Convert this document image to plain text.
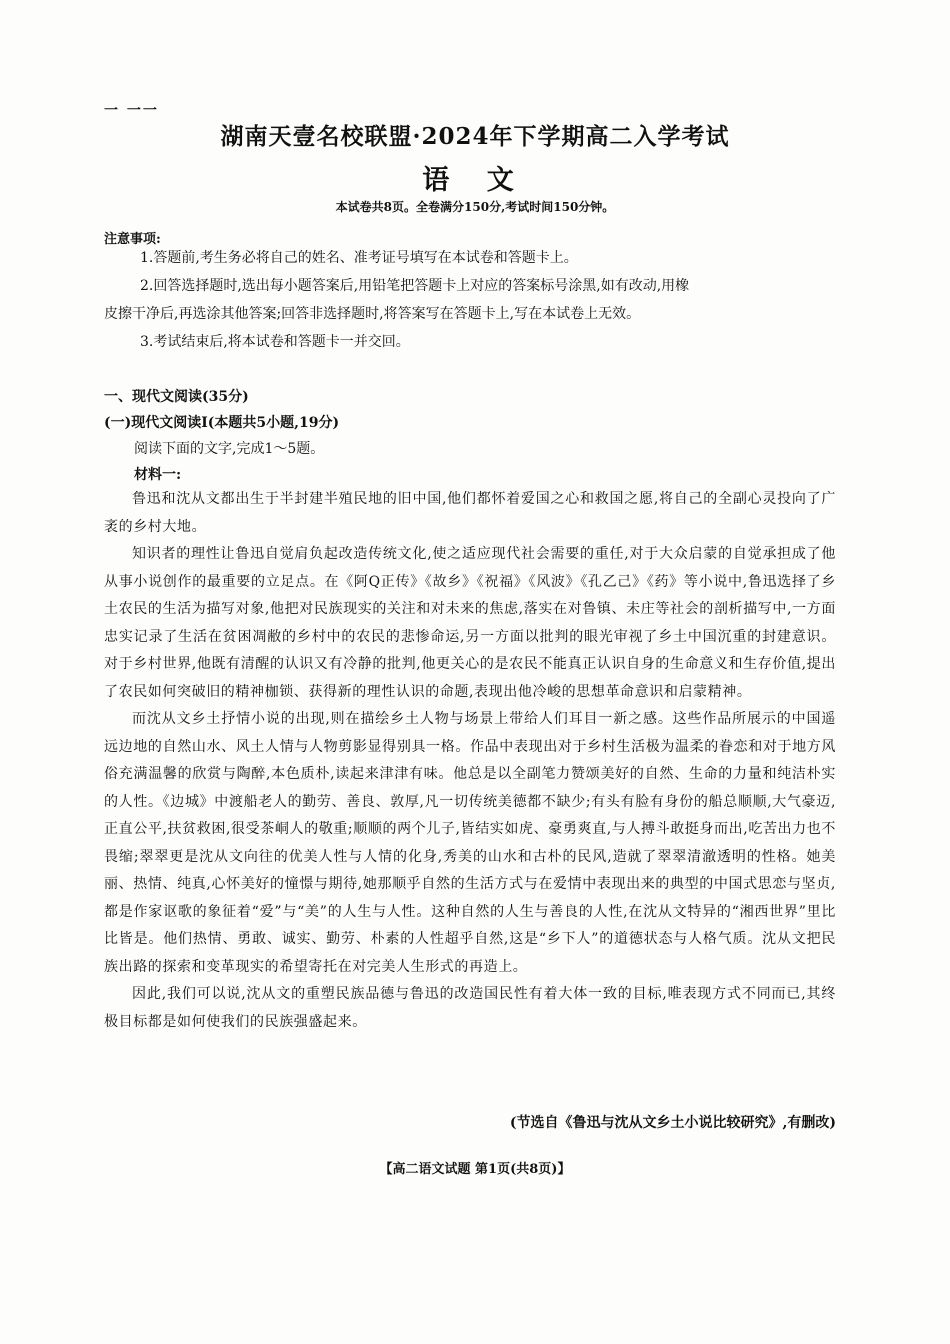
一 一一
湖南天壹名校联盟·2024年下学期高二入学考试
语 文
本试卷共8页。全卷满分150分,考试时间150分钟。
注意事项:
1.答题前,考生务必将自己的姓名、准考证号填写在本试卷和答题卡上。
2.回答选择题时,选出每小题答案后,用铅笔把答题卡上对应的答案标号涂黑,如有改动,用橡
皮擦干净后,再选涂其他答案;回答非选择题时,将答案写在答题卡上,写在本试卷上无效。
3.考试结束后,将本试卷和答题卡一并交回。
一、现代文阅读(35分)
(一)现代文阅读Ⅰ(本题共5小题,19分)
阅读下面的文字,完成1～5题。
材料一:

鲁迅和沈从文都出生于半封建半殖民地的旧中国,他们都怀着爱国之心和救国之愿,将自己的全副心灵投向了广袤的乡村大地。

知识者的理性让鲁迅自觉肩负起改造传统文化,使之适应现代社会需要的重任,对于大众启蒙的自觉承担成了他从事小说创作的最重要的立足点。在《阿Q正传》《故乡》《祝福》《风波》《孔乙己》《药》等小说中,鲁迅选择了乡土农民的生活为描写对象,他把对民族现实的关注和对未来的焦虑,落实在对鲁镇、未庄等社会的剖析描写中,一方面忠实记录了生活在贫困凋敝的乡村中的农民的悲惨命运,另一方面以批判的眼光审视了乡土中国沉重的封建意识。对于乡村世界,他既有清醒的认识又有冷静的批判,他更关心的是农民不能真正认识自身的生命意义和生存价值,提出了农民如何突破旧的精神枷锁、获得新的理性认识的命题,表现出他冷峻的思想革命意识和启蒙精神。

而沈从文乡土抒情小说的出现,则在描绘乡土人物与场景上带给人们耳目一新之感。这些作品所展示的中国遥远边地的自然山水、风土人情与人物剪影显得别具一格。作品中表现出对于乡村生活极为温柔的眷恋和对于地方风俗充满温馨的欣赏与陶醉,本色质朴,读起来津津有味。他总是以全副笔力赞颂美好的自然、生命的力量和纯洁朴实的人性。《边城》中渡船老人的勤劳、善良、敦厚,凡一切传统美德都不缺少;有头有脸有身份的船总顺顺,大气豪迈,正直公平,扶贫救困,很受茶峒人的敬重;顺顺的两个儿子,皆结实如虎、豪勇爽直,与人搏斗敢挺身而出,吃苦出力也不畏缩;翠翠更是沈从文向往的优美人性与人情的化身,秀美的山水和古朴的民风,造就了翠翠清澈透明的性格。她美丽、热情、纯真,心怀美好的憧憬与期待,她那顺乎自然的生活方式与在爱情中表现出来的典型的中国式思恋与坚贞,都是作家讴歌的象征着“爱”与“美”的人生与人性。这种自然的人生与善良的人性,在沈从文特异的“湘西世界”里比比皆是。他们热情、勇敢、诚实、勤劳、朴素的人性超乎自然,这是“乡下人”的道德状态与人格气质。沈从文把民族出路的探索和变革现实的希望寄托在对完美人生形式的再造上。

因此,我们可以说,沈从文的重塑民族品德与鲁迅的改造国民性有着大体一致的目标,唯表现方式不同而已,其终极目标都是如何使我们的民族强盛起来。

(节选自《鲁迅与沈从文乡土小说比较研究》,有删改)
【高二语文试题 第1页(共8页)】
